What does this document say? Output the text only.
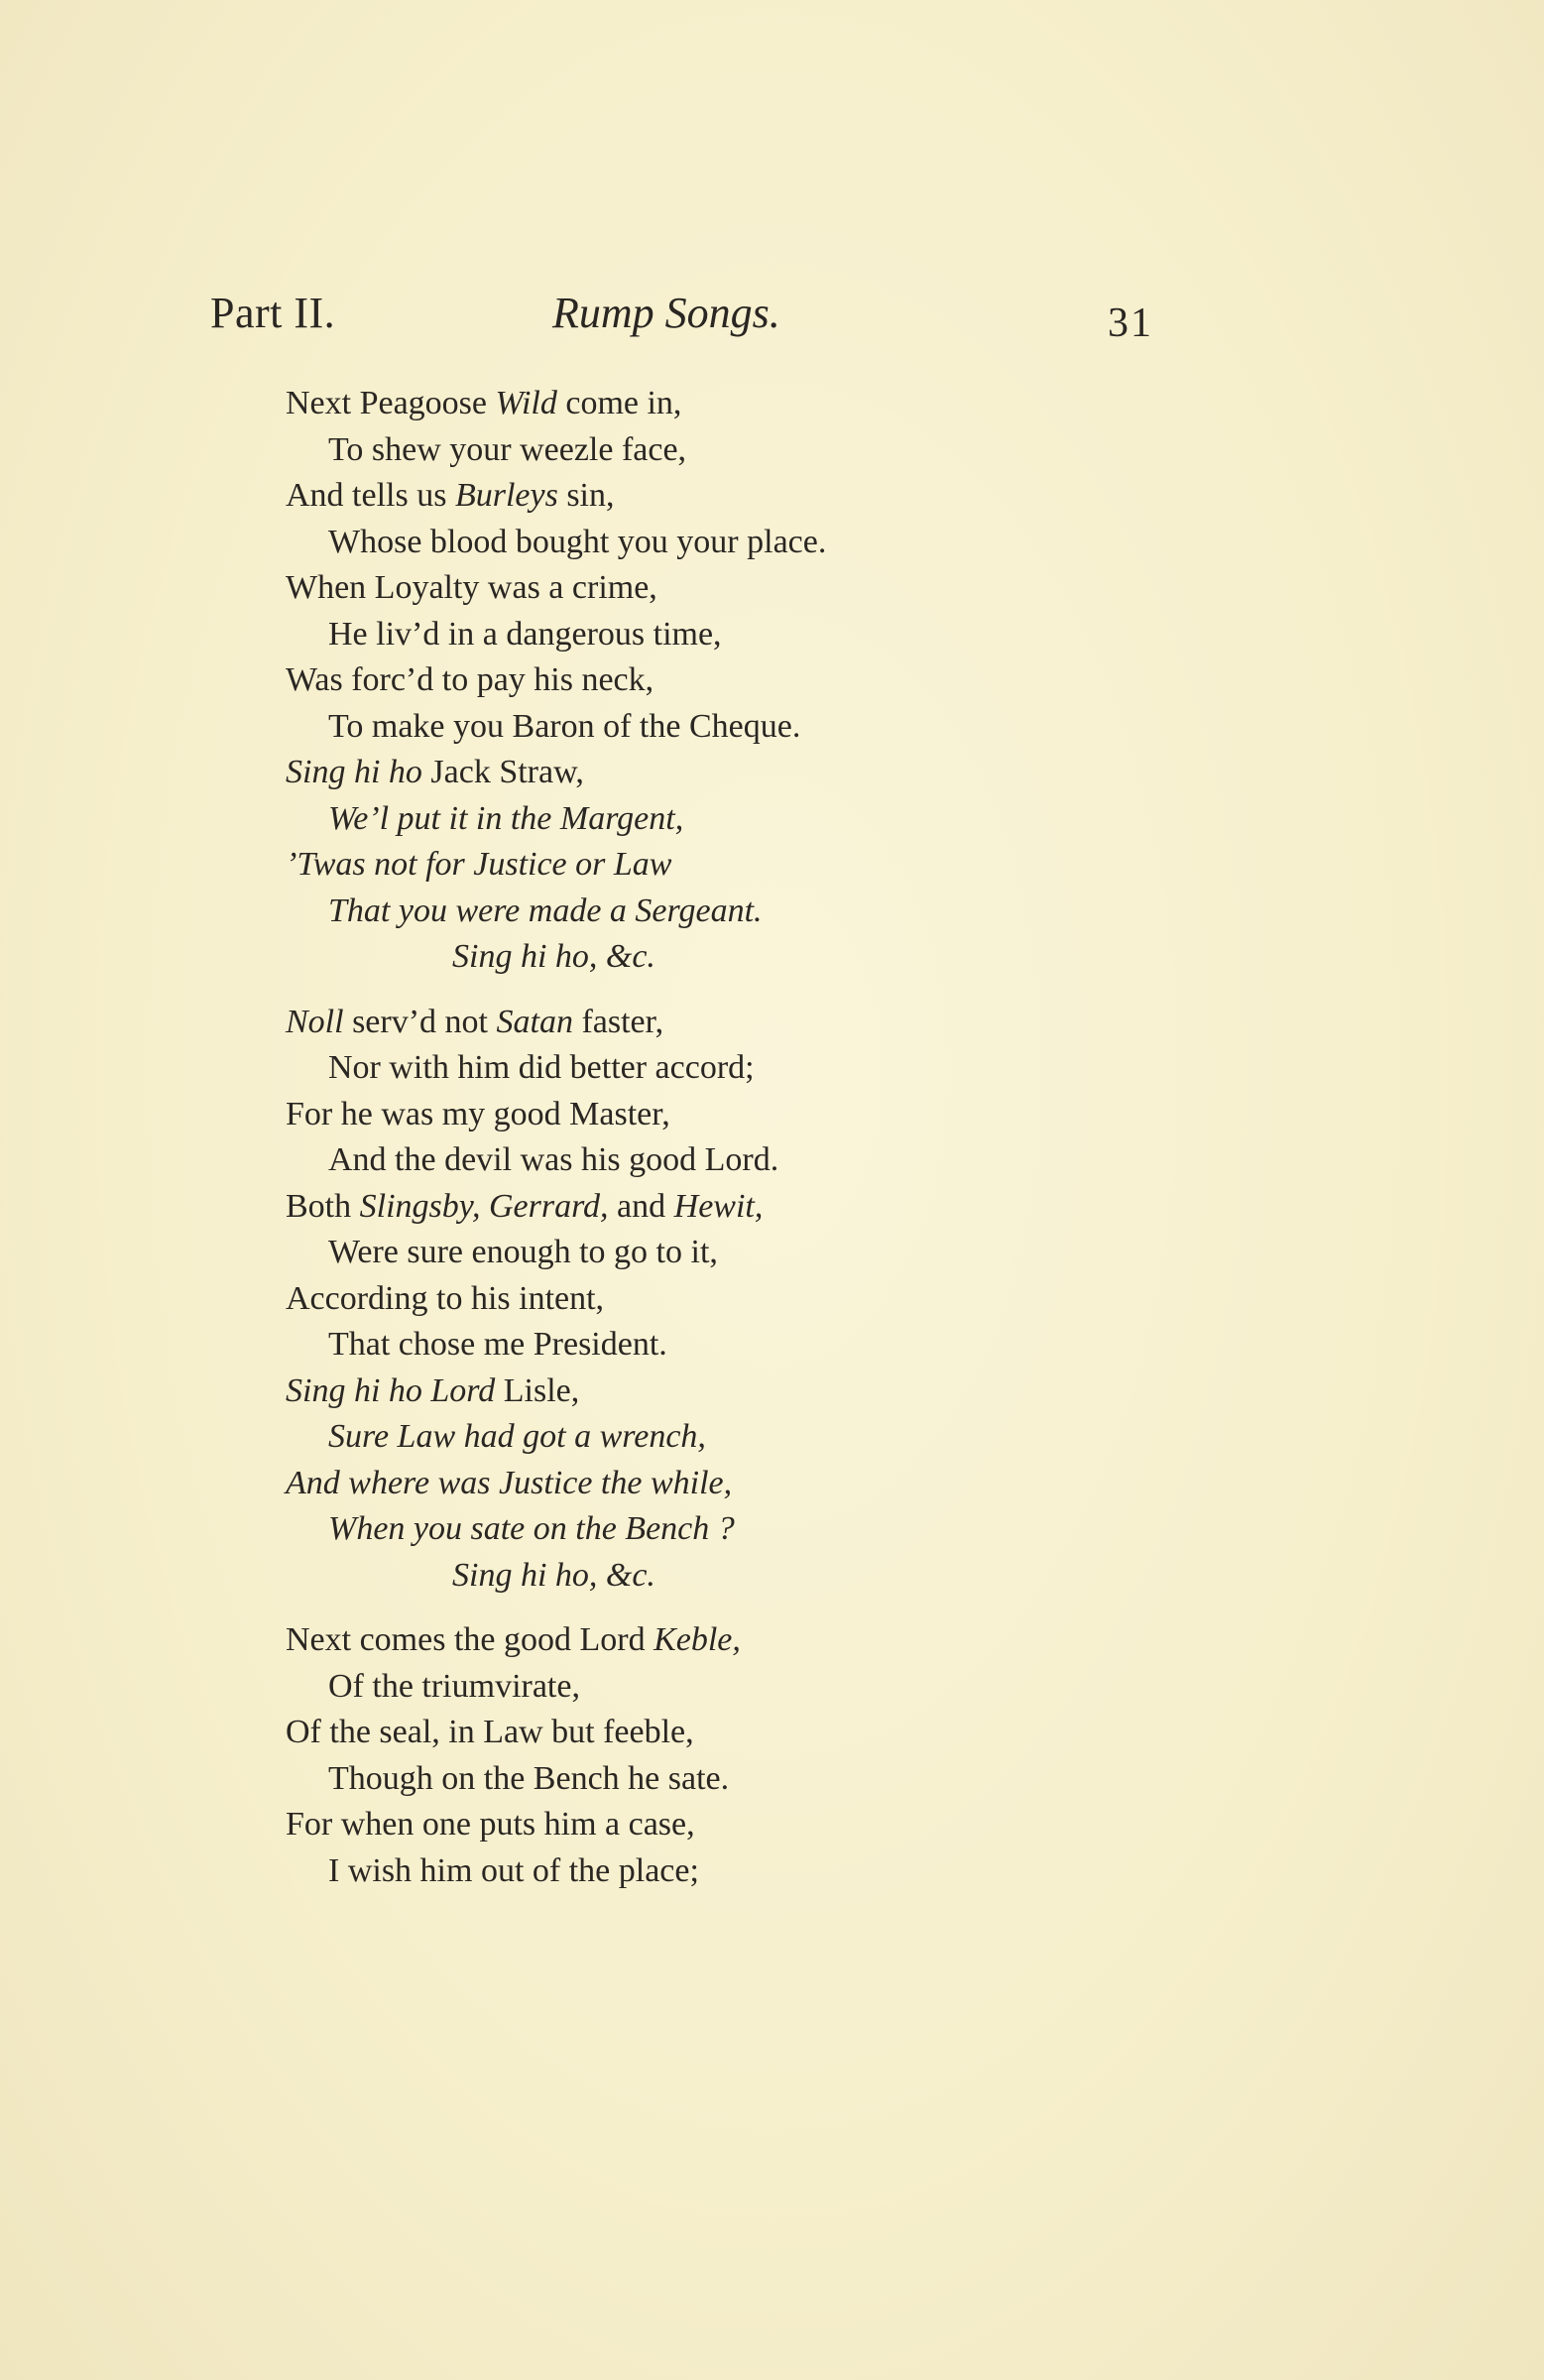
Part II.	Rump Songs.	31
Next Peagoose Wild come in,
To shew your weezle face,
And tells us Burleys sin,
Whose blood bought you your place.
When Loyalty was a crime,
He liv’d in a dangerous time,
Was forc’d to pay his neck,
To make you Baron of the Cheque.
Sing hi ho Jack Straw,
We’l put it in the Margent,
’Twas not for Justice or Law
That you were made a Sergeant.
Sing hi ho, &c.
Noll serv’d not Satan faster,
Nor with him did better accord;
For he was my good Master,
And the devil was his good Lord.
Both Slingsby, Gerrard, and Hewit,
Were sure enough to go to it,
According to his intent,
That chose me President.
Sing hi ho Lord Lisle,
Sure Law had got a wrench,
And where was Justice the while,
When you sate on the Bench ?
Sing hi ho, &c.
Next comes the good Lord Keble,
Of the triumvirate,
Of the seal, in Law but feeble,
Though on the Bench he sate.
For when one puts him a case,
I wish him out of the place;
